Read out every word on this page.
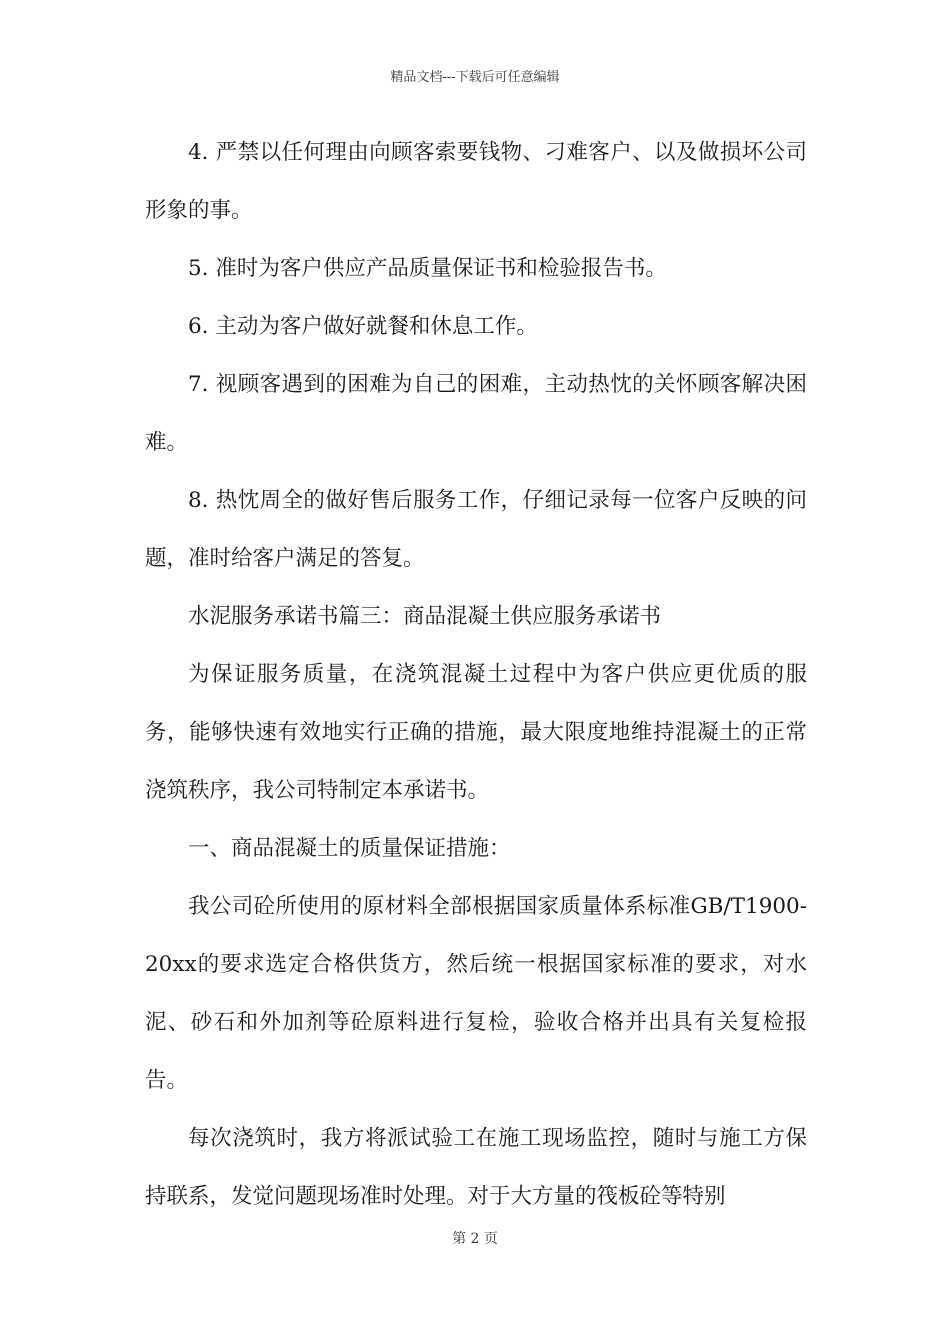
精品文档---下载后可任意编辑

4. 严禁以任何理由向顾客索要钱物、刁难客户、以及做损坏公司形象的事。

5. 准时为客户供应产品质量保证书和检验报告书。

6. 主动为客户做好就餐和休息工作。

7. 视顾客遇到的困难为自己的困难，主动热忱的关怀顾客解决困难。

8. 热忱周全的做好售后服务工作，仔细记录每一位客户反映的问题，准时给客户满足的答复。

水泥服务承诺书篇三：商品混凝土供应服务承诺书

为保证服务质量，在浇筑混凝土过程中为客户供应更优质的服务，能够快速有效地实行正确的措施，最大限度地维持混凝土的正常浇筑秩序，我公司特制定本承诺书。

一、商品混凝土的质量保证措施：

我公司砼所使用的原材料全部根据国家质量体系标准GB/T1900-20xx的要求选定合格供货方，然后统一根据国家标准的要求，对水泥、砂石和外加剂等砼原料进行复检，验收合格并出具有关复检报告。

每次浇筑时，我方将派试验工在施工现场监控，随时与施工方保持联系，发觉问题现场准时处理。对于大方量的筏板砼等特别

第 2 页
